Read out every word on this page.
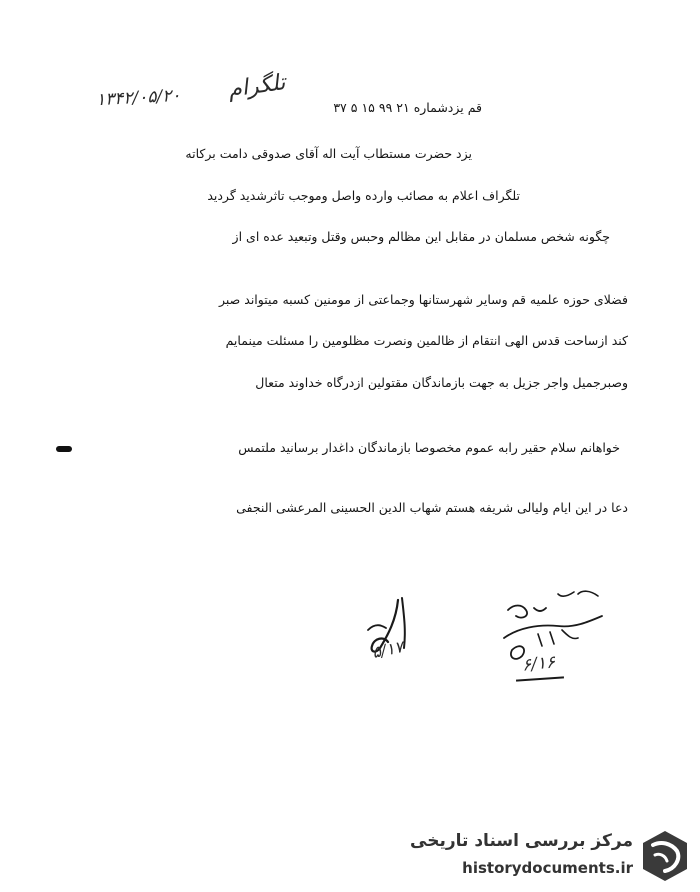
تلگرام
۱۳۴۲/۰۵/۲۰	قم یزدشماره ۲۱ ۹۹ ۱۵ ۵ ۳۷
یزد حضرت مستطاب آیت اله آقای صدوقی دامت برکاته
تلگراف اعلام به مصائب وارده واصل وموجب تاثرشدید گردید
چگونه شخص مسلمان در مقابل این مظالم وحبس وقتل وتبعید عده ای از
فضلای حوزه علمیه قم وسایر شهرستانها وجماعتی از مومنین کسبه میتواند صبر
کند ازساحت قدس الهی انتقام از ظالمین ونصرت مظلومین را مسئلت مینمایم
وصبرجمیل واجر جزیل به جهت بازماندگان مقتولین ازدرگاه خداوند متعال
خواهانم سلام حقیر رابه عموم مخصوصا بازماندگان داغدار برسانید ملتمس
دعا در این ایام ولیالی شریفه هستم شهاب الدین الحسینی المرعشی النجفی
۵/۱۷
۶/۱۶
مرکز بررسی اسناد تاریخی
historydocuments.ir
